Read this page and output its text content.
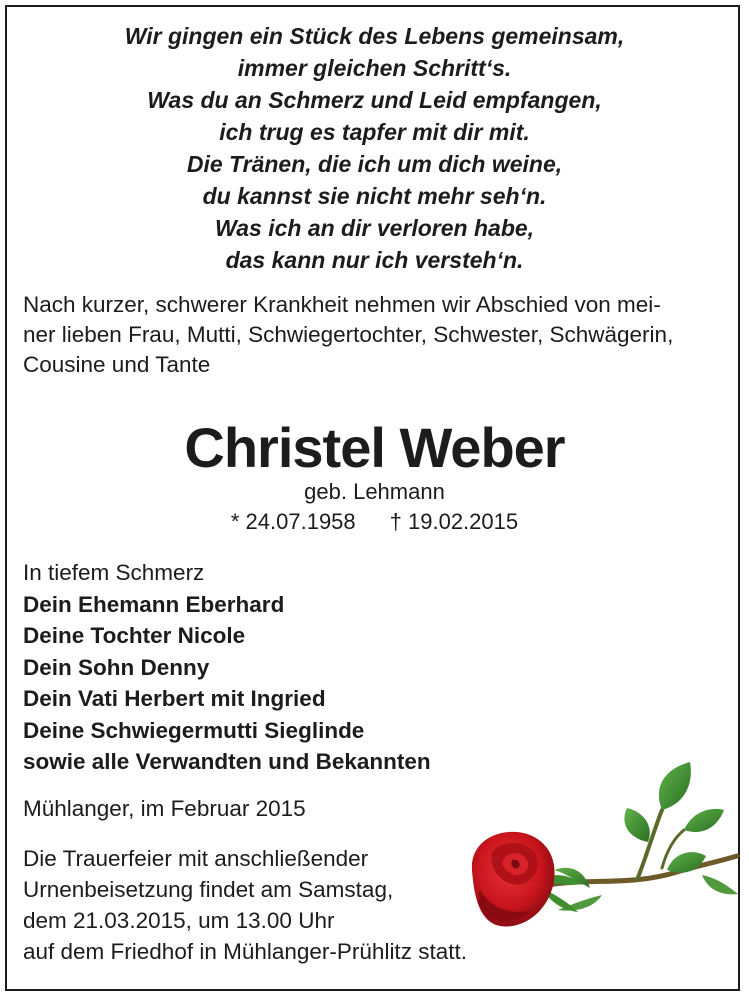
Wir gingen ein Stück des Lebens gemeinsam,
immer gleichen Schritt‘s.
Was du an Schmerz und Leid empfangen,
ich trug es tapfer mit dir mit.
Die Tränen, die ich um dich weine,
du kannst sie nicht mehr seh‘n.
Was ich an dir verloren habe,
das kann nur ich versteh‘n.
Nach kurzer, schwerer Krankheit nehmen wir Abschied von mei-
ner lieben Frau, Mutti, Schwiegertochter, Schwester, Schwägerin,
Cousine und Tante
Christel Weber
geb. Lehmann
* 24.07.1958 † 19.02.2015
In tiefem Schmerz
Dein Ehemann Eberhard
Deine Tochter Nicole
Dein Sohn Denny
Dein Vati Herbert mit Ingried
Deine Schwiegermutti Sieglinde
sowie alle Verwandten und Bekannten
Mühlanger, im Februar 2015
Die Trauerfeier mit anschließender
Urnenbeisetzung findet am Samstag,
dem 21.03.2015, um 13.00 Uhr
auf dem Friedhof in Mühlanger-Prühlitz statt.
